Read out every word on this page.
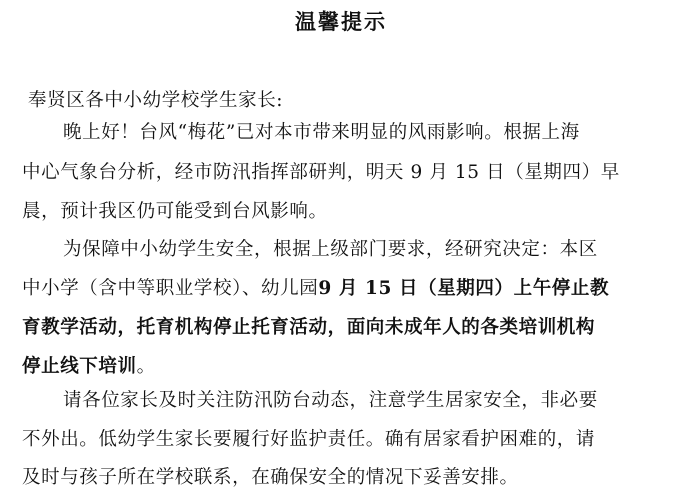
温馨提示
奉贤区各中小幼学校学生家长:
晚上好！台风“梅花”已对本市带来明显的风雨影响。根据上海
中心气象台分析，经市防汛指挥部研判，明天 9 月 15 日（星期四）早
晨，预计我区仍可能受到台风影响。
为保障中小幼学生安全，根据上级部门要求，经研究决定：本区
中小学（含中等职业学校）、幼儿园9 月 15 日（星期四）上午停止教
育教学活动，托育机构停止托育活动，面向未成年人的各类培训机构
停止线下培训。
请各位家长及时关注防汛防台动态，注意学生居家安全，非必要
不外出。低幼学生家长要履行好监护责任。确有居家看护困难的，请
及时与孩子所在学校联系，在确保安全的情况下妥善安排。
